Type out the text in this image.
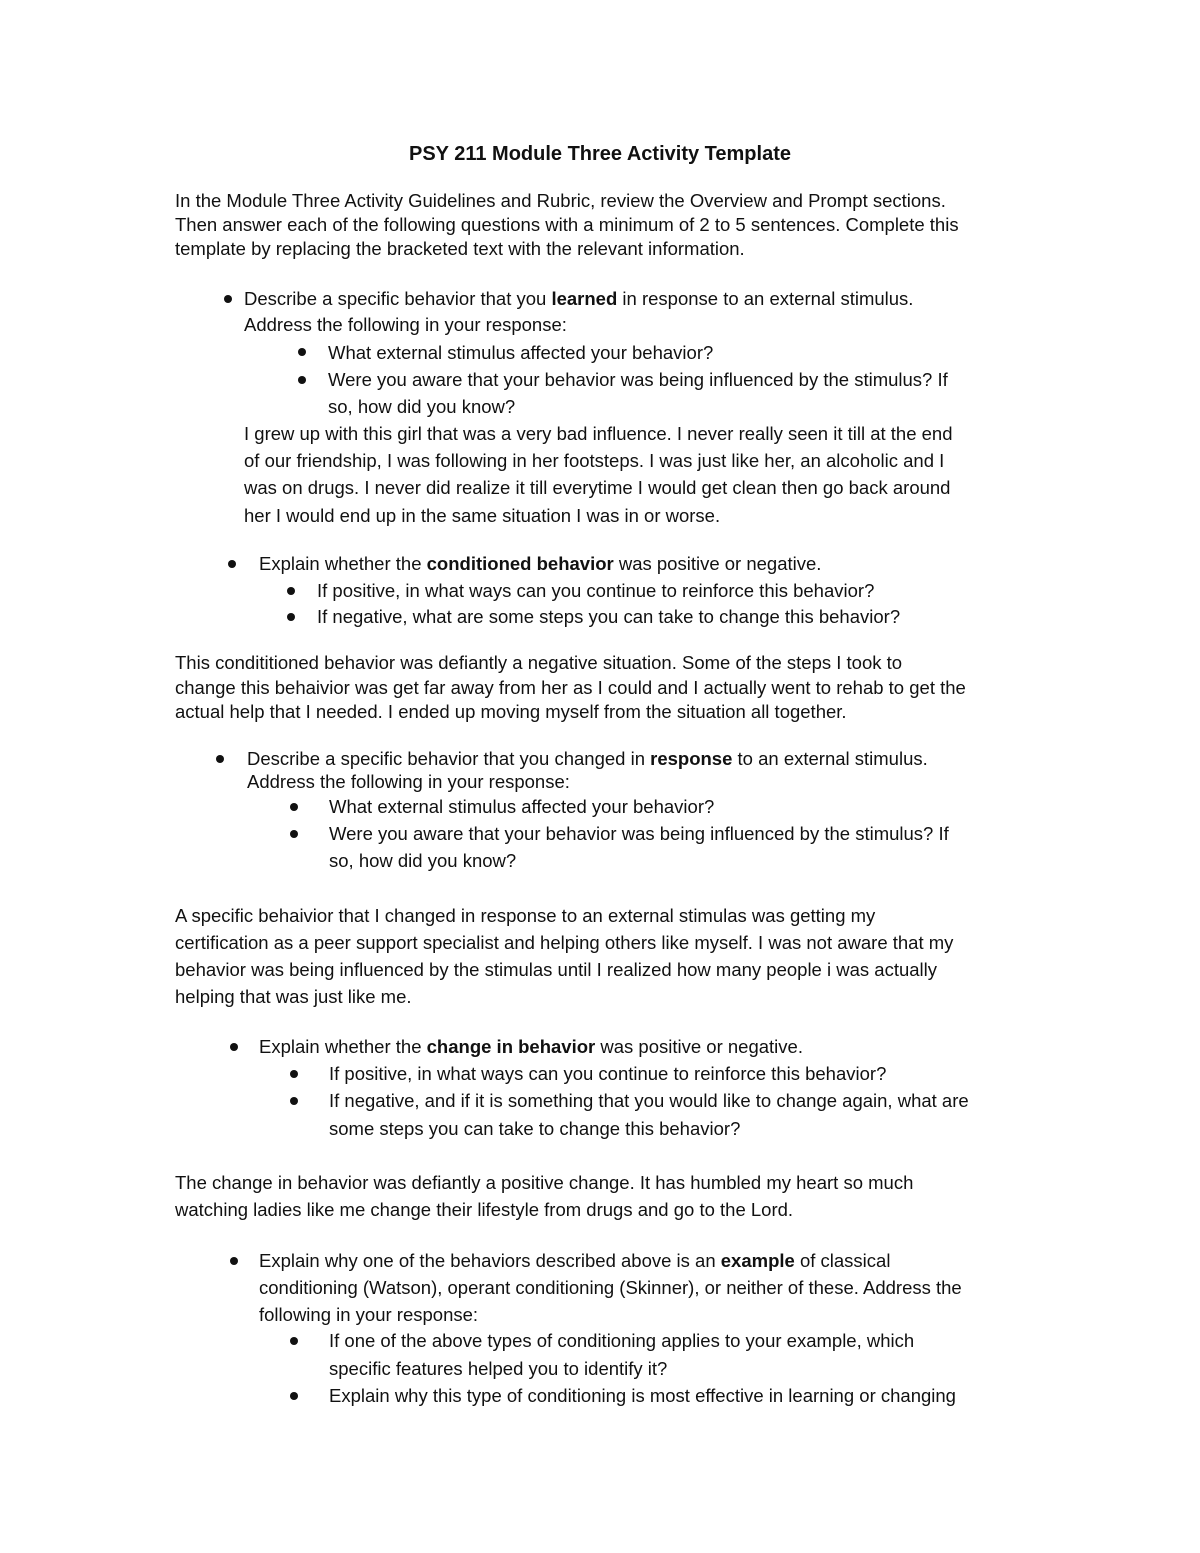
PSY 211 Module Three Activity Template
In the Module Three Activity Guidelines and Rubric, review the Overview and Prompt sections.
Then answer each of the following questions with a minimum of 2 to 5 sentences. Complete this
template by replacing the bracketed text with the relevant information.
Describe a specific behavior that you learned in response to an external stimulus.
Address the following in your response:
What external stimulus affected your behavior?
Were you aware that your behavior was being influenced by the stimulus? If
so, how did you know?
I grew up with this girl that was a very bad influence. I never really seen it till at the end
of our friendship, I was following in her footsteps. I was just like her, an alcoholic and I
was on drugs. I never did realize it till everytime I would get clean then go back around
her I would end up in the same situation I was in or worse.
Explain whether the conditioned behavior was positive or negative.
If positive, in what ways can you continue to reinforce this behavior?
If negative, what are some steps you can take to change this behavior?
This condititioned behavior was defiantly a negative situation. Some of the steps I took to
change this behaivior was get far away from her as I could and I actually went to rehab to get the
actual help that I needed. I ended up moving myself from the situation all together.
Describe a specific behavior that you changed in response to an external stimulus.
Address the following in your response:
What external stimulus affected your behavior?
Were you aware that your behavior was being influenced by the stimulus? If
so, how did you know?
A specific behaivior that I changed in response to an external stimulas was getting my
certification as a peer support specialist and helping others like myself. I was not aware that my
behavior was being influenced by the stimulas until I realized how many people i was actually
helping that was just like me.
Explain whether the change in behavior was positive or negative.
If positive, in what ways can you continue to reinforce this behavior?
If negative, and if it is something that you would like to change again, what are
some steps you can take to change this behavior?
The change in behavior was defiantly a positive change. It has humbled my heart so much
watching ladies like me change their lifestyle from drugs and go to the Lord.
Explain why one of the behaviors described above is an example of classical
conditioning (Watson), operant conditioning (Skinner), or neither of these. Address the
following in your response:
If one of the above types of conditioning applies to your example, which
specific features helped you to identify it?
Explain why this type of conditioning is most effective in learning or changing
